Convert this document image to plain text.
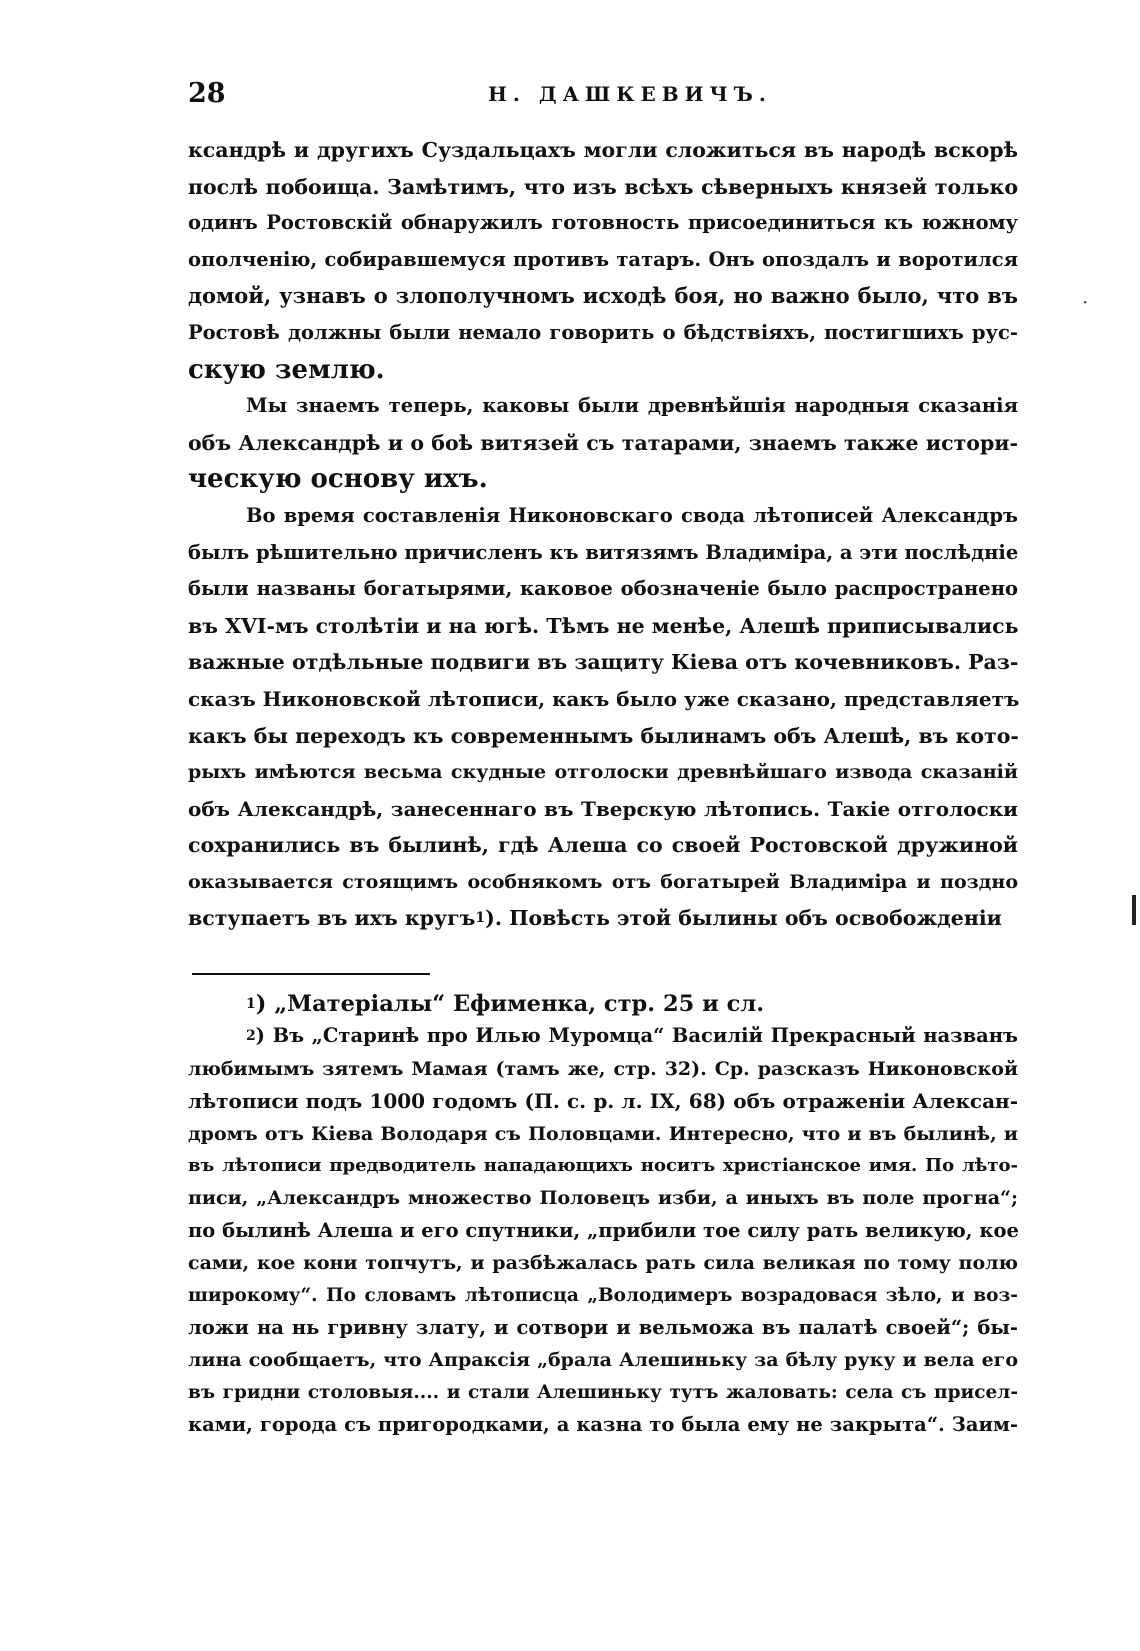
28	Н. ДАШКЕВИЧЪ.
ксандрѣ и другихъ Суздальцахъ могли сложиться въ народѣ вскорѣ
послѣ побоища. Замѣтимъ, что изъ всѣхъ сѣверныхъ князей только
одинъ Ростовскій обнаружилъ готовность присоединиться къ южному
ополченію, собиравшемуся противъ татаръ. Онъ опоздалъ и воротился
домой, узнавъ о злополучномъ исходѣ боя, но важно было, что въ
Ростовѣ должны были немало говорить о бѣдствіяхъ, постигшихъ рус-
скую землю.
Мы знаемъ теперь, каковы были древнѣйшія народныя сказанія
объ Александрѣ и о боѣ витязей съ татарами, знаемъ также истори-
ческую основу ихъ.
Во время составленія Никоновскаго свода лѣтописей Александръ
былъ рѣшительно причисленъ къ витязямъ Владиміра, а эти послѣдніе
были названы богатырями, каковое обозначеніе было распространено
въ XVI-мъ столѣтіи и на югѣ. Тѣмъ не менѣе, Алешѣ приписывались
важные отдѣльные подвиги въ защиту Кіева отъ кочевниковъ. Раз-
сказъ Никоновской лѣтописи, какъ было уже сказано, представляетъ
какъ бы переходъ къ современнымъ былинамъ объ Алешѣ, въ кото-
рыхъ имѣются весьма скудные отголоски древнѣйшаго извода сказаній
объ Александрѣ, занесеннаго въ Тверскую лѣтопись. Такіе отголоски
сохранились въ былинѣ, гдѣ Алеша со своей Ростовской дружиной
оказывается стоящимъ особнякомъ отъ богатырей Владиміра и поздно
вступаетъ въ ихъ кругъ$^1$). Повѣсть этой былины объ освобожденіи
$^1$) „Матеріалы“ Ефименка, стр. 25 и сл.
$^2$) Въ „Старинѣ про Илью Муромца“ Василій Прекрасный названъ
любимымъ зятемъ Мамая (тамъ же, стр. 32). Ср. разсказъ Никоновской
лѣтописи подъ 1000 годомъ (П. с. р. л. IX, 68) объ отраженіи Алексан-
дромъ отъ Кіева Володаря съ Половцами. Интересно, что и въ былинѣ, и
въ лѣтописи предводитель нападающихъ носитъ христіанское имя. По лѣто-
писи, „Александръ множество Половецъ изби, а иныхъ въ поле прогна“;
по былинѣ Алеша и его спутники, „прибили тое силу рать великую, кое
сами, кое кони топчутъ, и разбѣжалась рать сила великая по тому полю
широкому“. По словамъ лѣтописца „Володимеръ возрадовася зѣло, и воз-
ложи на нь гривну злату, и сотвори и вельможа въ палатѣ своей“; бы-
лина сообщаетъ, что Апраксія „брала Алешиньку за бѣлу руку и вела его
въ гридни столовыя.... и стали Алешиньку тутъ жаловать: села съ присел-
ками, города съ пригородками, а казна то была ему не закрыта“. Заим-
·
